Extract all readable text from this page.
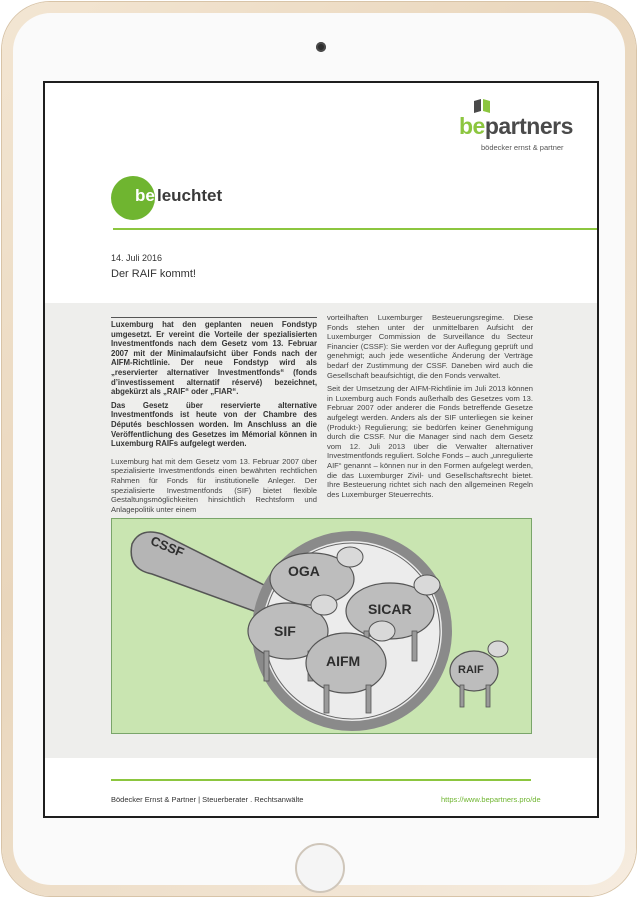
bepartners
bödecker ernst & partner
be leuchtet
14. Juli 2016
Der RAIF kommt!

Luxemburg hat den geplanten neuen Fondstyp umgesetzt. Er vereint die Vorteile der spezialisierten Investmentfonds nach dem Gesetz vom 13. Februar 2007 mit der Minimalaufsicht über Fonds nach der AIFM-Richtlinie. Der neue Fondstyp wird als „reservierter alternativer Investmentfonds“ (fonds d’investissement alternatif réservé) bezeichnet, abgekürzt als „RAIF“ oder „FIAR“.

Das Gesetz über reservierte alternative Investmentfonds ist heute von der Chambre des Députés beschlossen worden. Im Anschluss an die Veröffentlichung des Gesetzes im Mémorial können in Luxemburg RAIFs aufgelegt werden.

Luxemburg hat mit dem Gesetz vom 13. Februar 2007 über spezialisierte Investmentfonds einen bewährten rechtlichen Rahmen für Fonds für institutionelle Anleger. Der spezialisierte Investmentfonds (SIF) bietet flexible Gestaltungsmöglichkeiten hinsichtlich Rechtsform und Anlagepolitik unter einem

vorteilhaften Luxemburger Besteuerungsregime. Diese Fonds stehen unter der unmittelbaren Aufsicht der Luxemburger Commission de Surveillance du Secteur Financier (CSSF): Sie werden vor der Auflegung geprüft und genehmigt; auch jede wesentliche Änderung der Verträge bedarf der Zustimmung der CSSF. Daneben wird auch die Gesellschaft beaufsichtigt, die den Fonds verwaltet.

Seit der Umsetzung der AIFM-Richtlinie im Juli 2013 können in Luxemburg auch Fonds außerhalb des Gesetzes vom 13. Februar 2007 oder anderer die Fonds betreffende Gesetze aufgelegt werden. Anders als der SIF unterliegen sie keiner (Produkt-) Regulierung; sie bedürfen keiner Genehmigung durch die CSSF. Nur die Manager sind nach dem Gesetz vom 12. Juli 2013 über die Verwalter alternativer Investmentfonds reguliert. Solche Fonds – auch „unregulierte AIF“ genannt – können nur in den Formen aufgelegt werden, die das Luxemburger Zivil- und Gesellschaftsrecht bietet. Ihre Besteuerung richtet sich nach den allgemeinen Regeln des Luxemburger Steuerrechts.

CSSF
OGA
SICAR
SIF
AIFM
RAIF
Bödecker Ernst & Partner | Steuerberater . Rechtsanwälte	https://www.bepartners.pro/de
